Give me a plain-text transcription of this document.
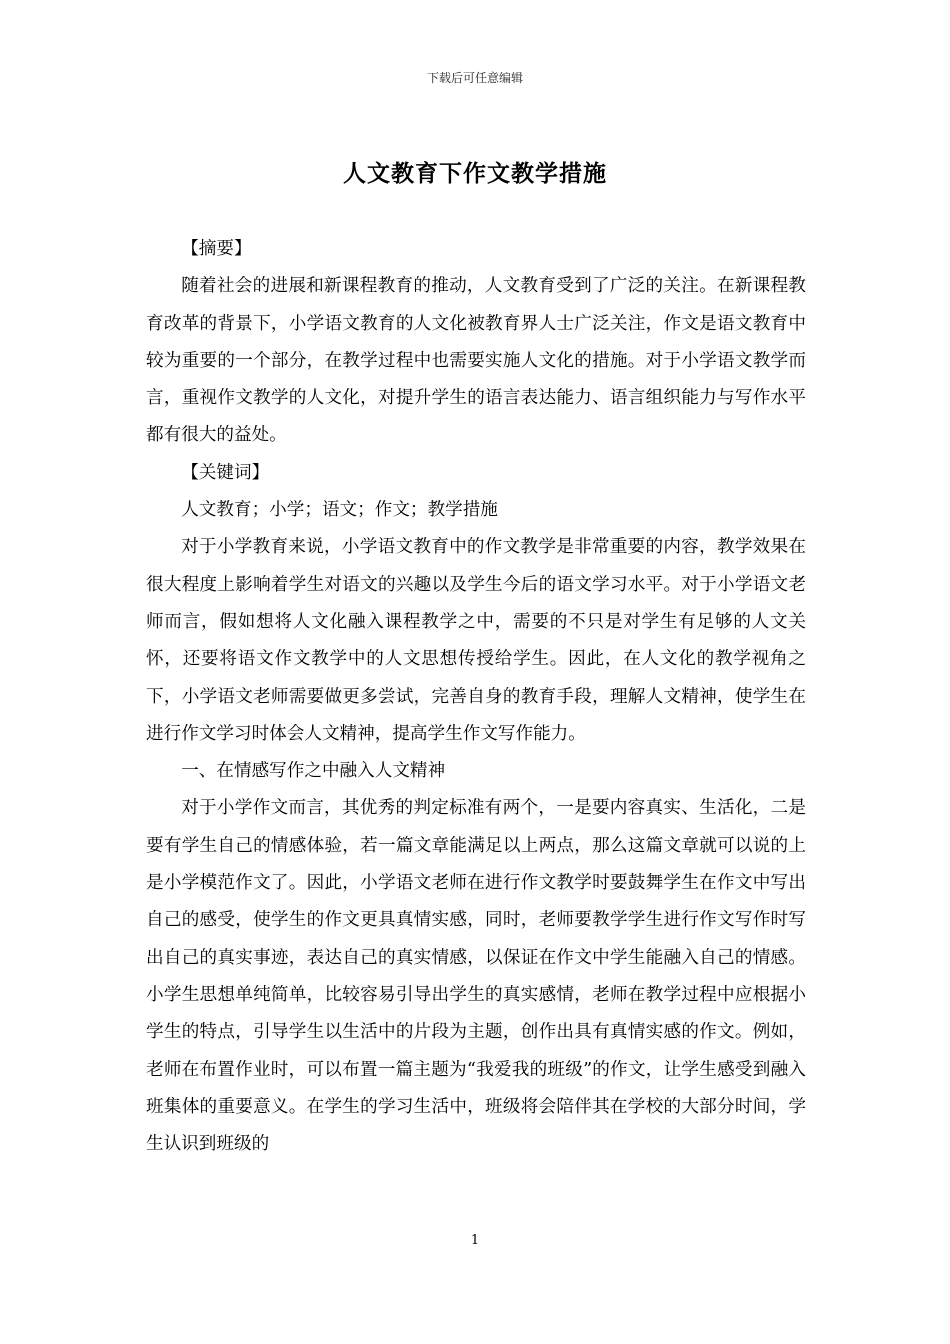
下载后可任意编辑
人文教育下作文教学措施

【摘要】

随着社会的进展和新课程教育的推动，人文教育受到了广泛的关注。在新课程教育改革的背景下，小学语文教育的人文化被教育界人士广泛关注，作文是语文教育中较为重要的一个部分，在教学过程中也需要实施人文化的措施。对于小学语文教学而言，重视作文教学的人文化，对提升学生的语言表达能力、语言组织能力与写作水平都有很大的益处。

【关键词】

人文教育；小学；语文；作文；教学措施

对于小学教育来说，小学语文教育中的作文教学是非常重要的内容，教学效果在很大程度上影响着学生对语文的兴趣以及学生今后的语文学习水平。对于小学语文老师而言，假如想将人文化融入课程教学之中，需要的不只是对学生有足够的人文关怀，还要将语文作文教学中的人文思想传授给学生。因此，在人文化的教学视角之下，小学语文老师需要做更多尝试，完善自身的教育手段，理解人文精神，使学生在进行作文学习时体会人文精神，提高学生作文写作能力。

一、在情感写作之中融入人文精神

对于小学作文而言，其优秀的判定标准有两个，一是要内容真实、生活化，二是要有学生自己的情感体验，若一篇文章能满足以上两点，那么这篇文章就可以说的上是小学模范作文了。因此，小学语文老师在进行作文教学时要鼓舞学生在作文中写出自己的感受，使学生的作文更具真情实感，同时，老师要教学学生进行作文写作时写出自己的真实事迹，表达自己的真实情感，以保证在作文中学生能融入自己的情感。小学生思想单纯简单，比较容易引导出学生的真实感情，老师在教学过程中应根据小学生的特点，引导学生以生活中的片段为主题，创作出具有真情实感的作文。例如，老师在布置作业时，可以布置一篇主题为“我爱我的班级”的作文，让学生感受到融入班集体的重要意义。在学生的学习生活中，班级将会陪伴其在学校的大部分时间，学生认识到班级的

1
